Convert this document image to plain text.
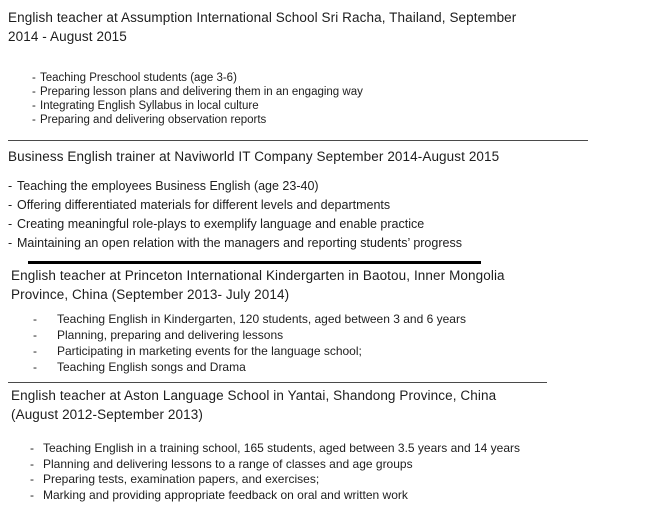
English teacher at Assumption International School Sri Racha, Thailand, September
2014 - August 2015
- Teaching Preschool students (age 3-6)
- Preparing lesson plans and delivering them in an engaging way
- Integrating English Syllabus in local culture
- Preparing and delivering observation reports
Business English trainer at Naviworld IT Company September 2014-August 2015
- Teaching the employees Business English (age 23-40)
- Offering differentiated materials for different levels and departments
- Creating meaningful role-plays to exemplify language and enable practice
- Maintaining an open relation with the managers and reporting students’ progress
English teacher at Princeton International Kindergarten in Baotou, Inner Mongolia
Province, China (September 2013- July 2014)
-	Teaching English in Kindergarten, 120 students, aged between 3 and 6 years
-	Planning, preparing and delivering lessons
-	Participating in marketing events for the language school;
-	Teaching English songs and Drama
English teacher at Aston Language School in Yantai, Shandong Province, China
(August 2012-September 2013)
- Teaching English in a training school, 165 students, aged between 3.5 years and 14 years
- Planning and delivering lessons to a range of classes and age groups
- Preparing tests, examination papers, and exercises;
- Marking and providing appropriate feedback on oral and written work
